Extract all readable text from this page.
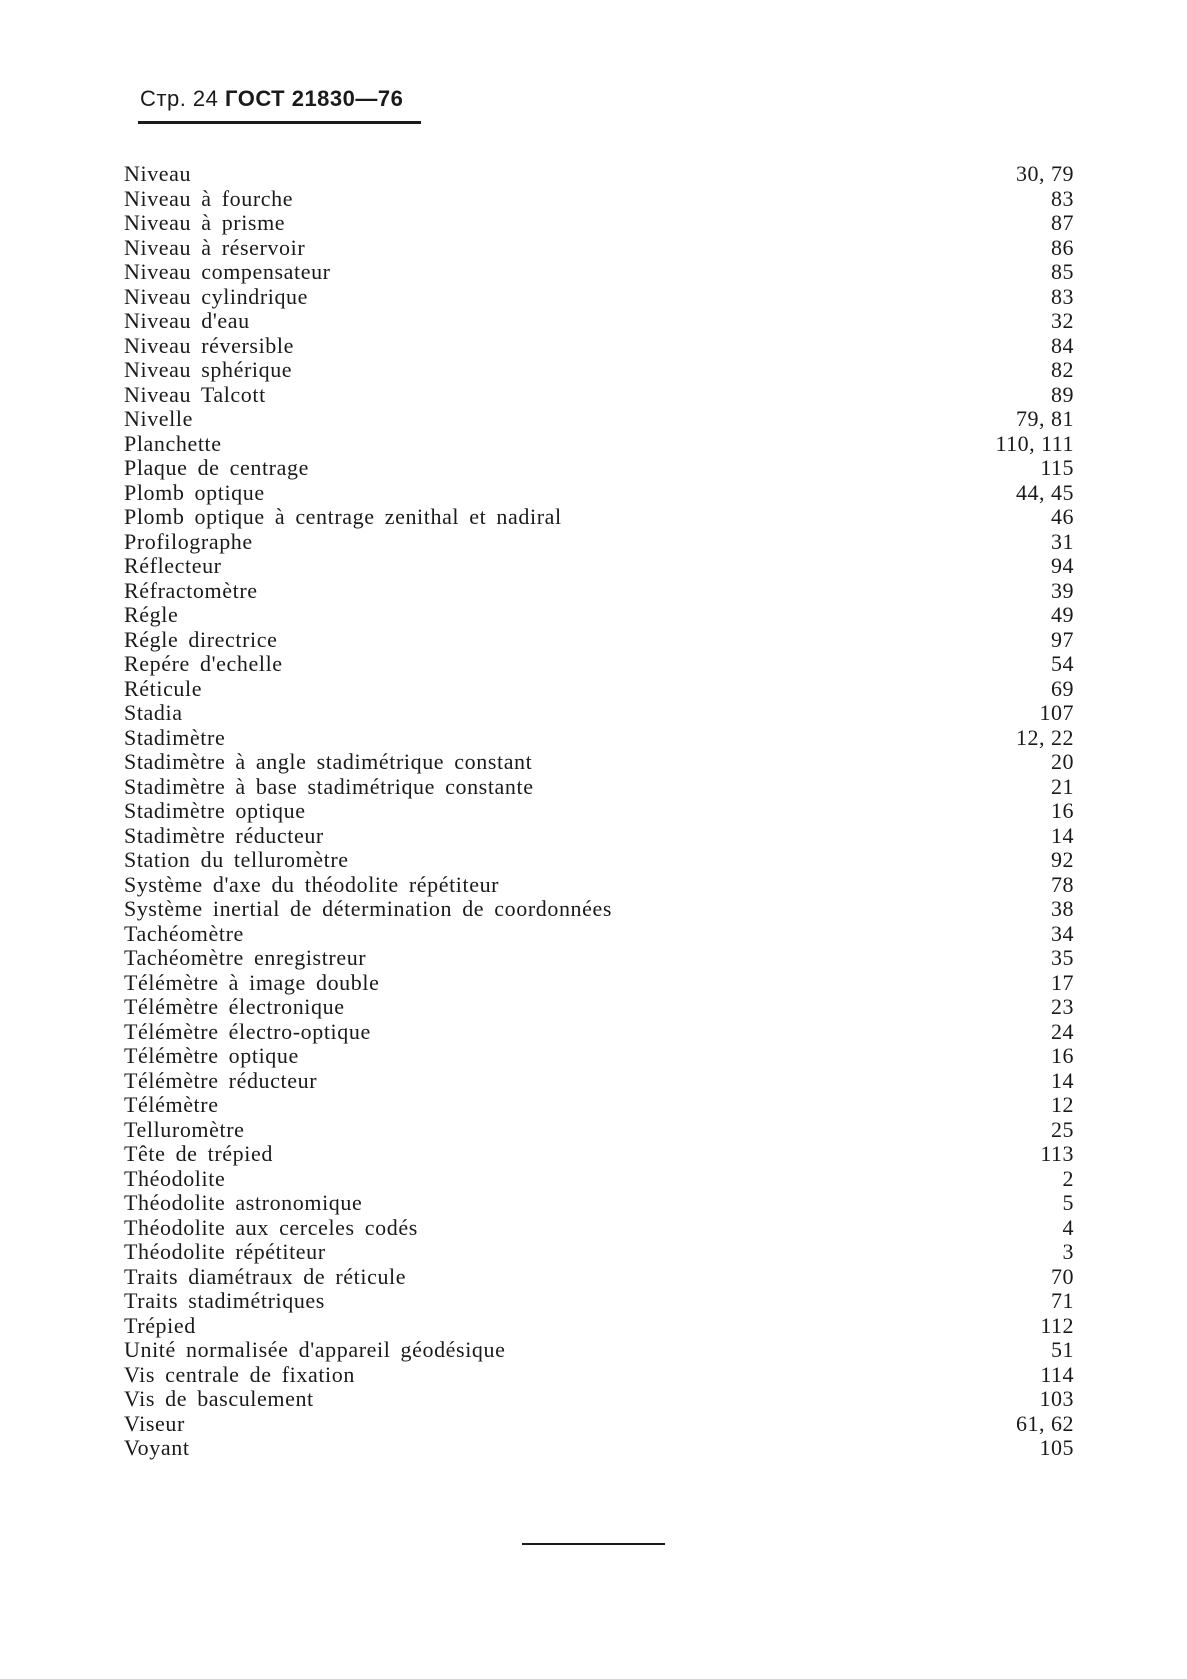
Стр. 24 ГОСТ 21830—76
Niveau	30, 79
Niveau à fourche	83
Niveau à prisme	87
Niveau à réservoir	86
Niveau compensateur	85
Niveau cylindrique	83
Niveau d'eau	32
Niveau réversible	84
Niveau sphérique	82
Niveau Talcott	89
Nivelle	79, 81
Planchette	110, 111
Plaque de centrage	115
Plomb optique	44, 45
Plomb optique à centrage zenithal et nadiral	46
Profilographe	31
Réflecteur	94
Réfractomètre	39
Régle	49
Régle directrice	97
Repére d'echelle	54
Réticule	69
Stadia	107
Stadimètre	12, 22
Stadimètre à angle stadimétrique constant	20
Stadimètre à base stadimétrique constante	21
Stadimètre optique	16
Stadimètre réducteur	14
Station du telluromètre	92
Système d'axe du théodolite répétiteur	78
Système inertial de détermination de coordonnées	38
Tachéomètre	34
Tachéomètre enregistreur	35
Télémètre à image double	17
Télémètre électronique	23
Télémètre électro-optique	24
Télémètre optique	16
Télémètre réducteur	14
Télémètre	12
Telluromètre	25
Tête de trépied	113
Théodolite	2
Théodolite astronomique	5
Théodolite aux cerceles codés	4
Théodolite répétiteur	3
Traits diamétraux de réticule	70
Traits stadimétriques	71
Trépied	112
Unité normalisée d'appareil géodésique	51
Vis centrale de fixation	114
Vis de basculement	103
Viseur	61, 62
Voyant	105
